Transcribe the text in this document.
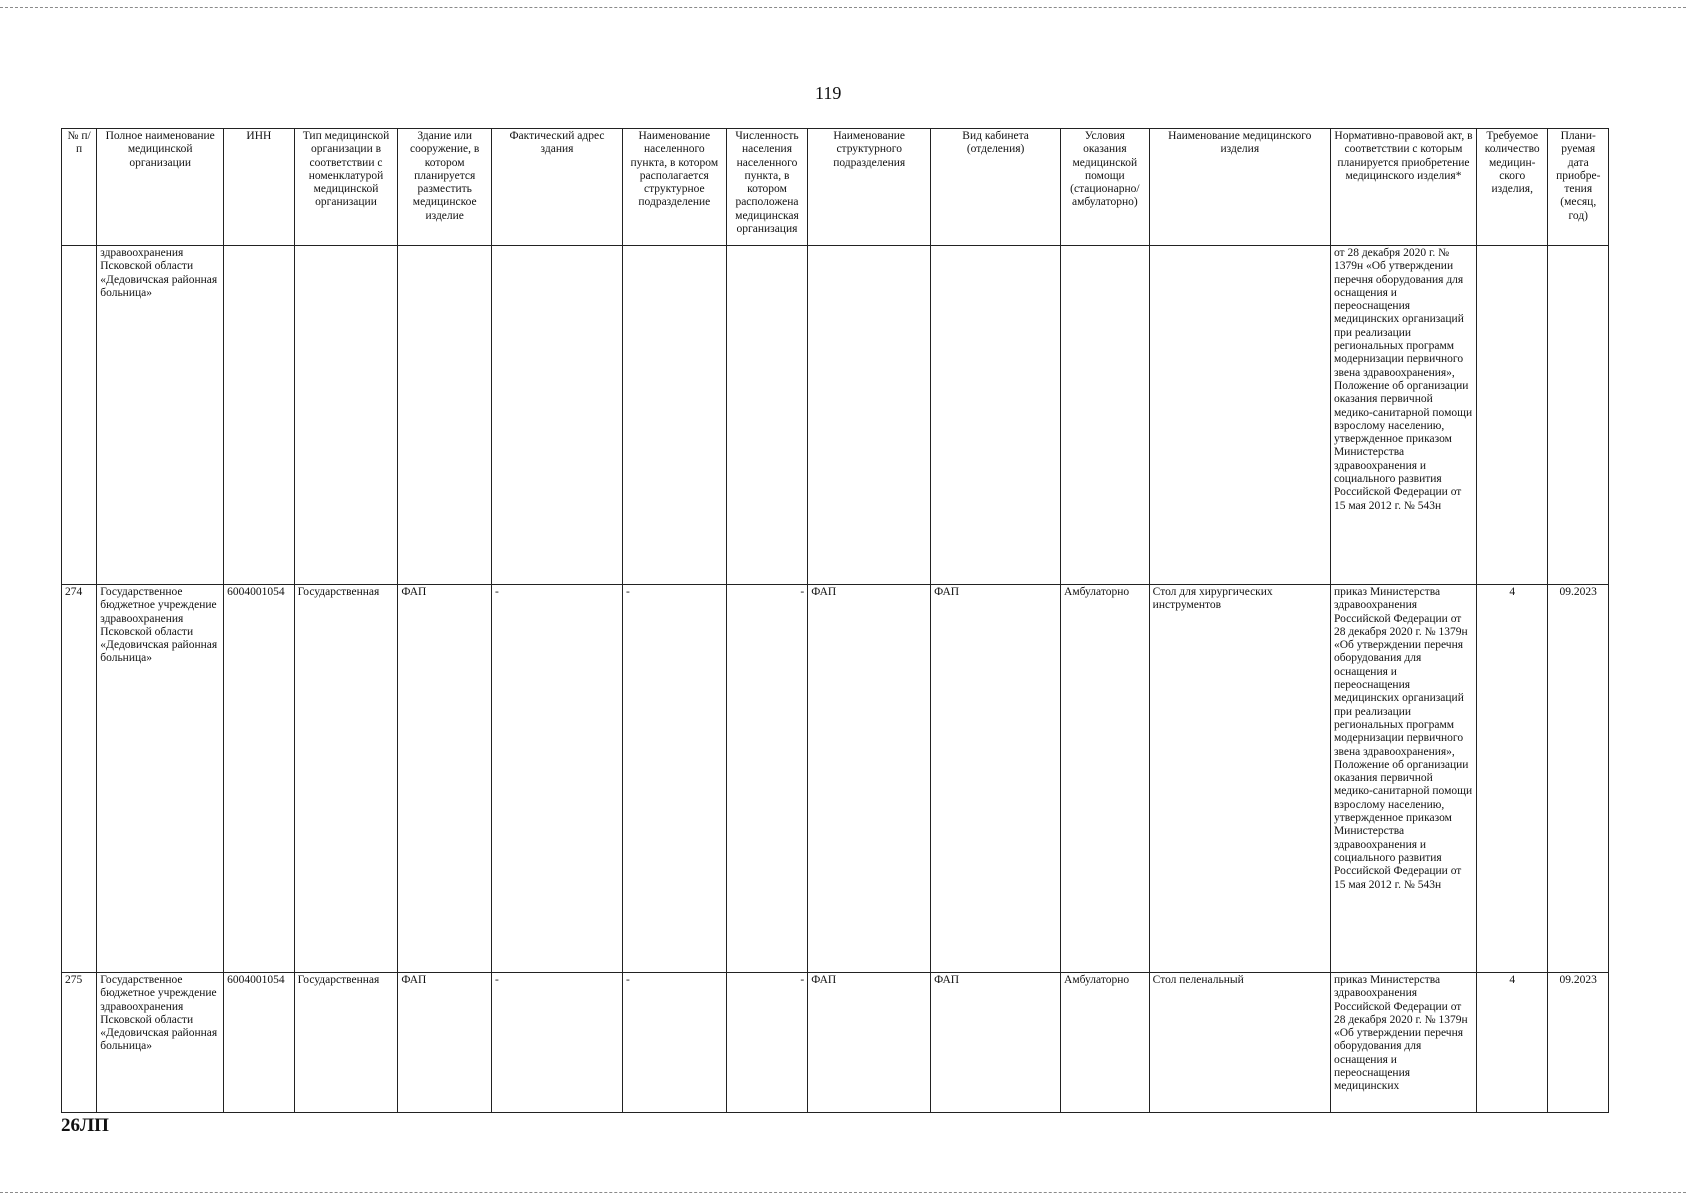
119
№ п/п	Полное наименование медицинской организации	ИНН	Тип медицинской организации в соответствии с номенклатурой медицинской организации	Здание или сооружение, в котором планируется разместить медицинское изделие	Фактический адрес здания	Наименование населенного пункта, в котором располагается структурное подразделение	Численность населения населенного пункта, в котором расположена медицинская организация	Наименование структурного подразделения	Вид кабинета (отделения)	Условия оказания медицинской помощи (стационарно/ амбулаторно)	Наименование медицинского изделия	Нормативно-правовой акт, в соответствии с которым планируется приобретение медицинского изделия*	Требуемое количество медицин-ского изделия,	Плани-руемая дата приобре-тения (месяц, год)
	здравоохранения Псковской области «Дедовичская районная больница»											от 28 декабря 2020 г. № 1379н «Об утверждении перечня оборудования для оснащения и переоснащения медицинских организаций при реализации региональных программ модернизации первичного звена здравоохранения», Положение об организации оказания первичной медико-санитарной помощи взрослому населению, утвержденное приказом Министерства здравоохранения и социального развития Российской Федерации от 15 мая 2012 г. № 543н		
274	Государственное бюджетное учреждение здравоохранения Псковской области «Дедовичская районная больница»	6004001054	Государственная	ФАП	-	-	-	ФАП	ФАП	Амбулаторно	Стол для хирургических инструментов	приказ Министерства здравоохранения Российской Федерации от 28 декабря 2020 г. № 1379н «Об утверждении перечня оборудования для оснащения и переоснащения медицинских организаций при реализации региональных программ модернизации первичного звена здравоохранения», Положение об организации оказания первичной медико-санитарной помощи взрослому населению, утвержденное приказом Министерства здравоохранения и социального развития Российской Федерации от 15 мая 2012 г. № 543н	4	09.2023
275	Государственное бюджетное учреждение здравоохранения Псковской области «Дедовичская районная больница»	6004001054	Государственная	ФАП	-	-	-	ФАП	ФАП	Амбулаторно	Стол пеленальный	приказ Министерства здравоохранения Российской Федерации от 28 декабря 2020 г. № 1379н «Об утверждении перечня оборудования для оснащения и переоснащения медицинских	4	09.2023
26ЛП
